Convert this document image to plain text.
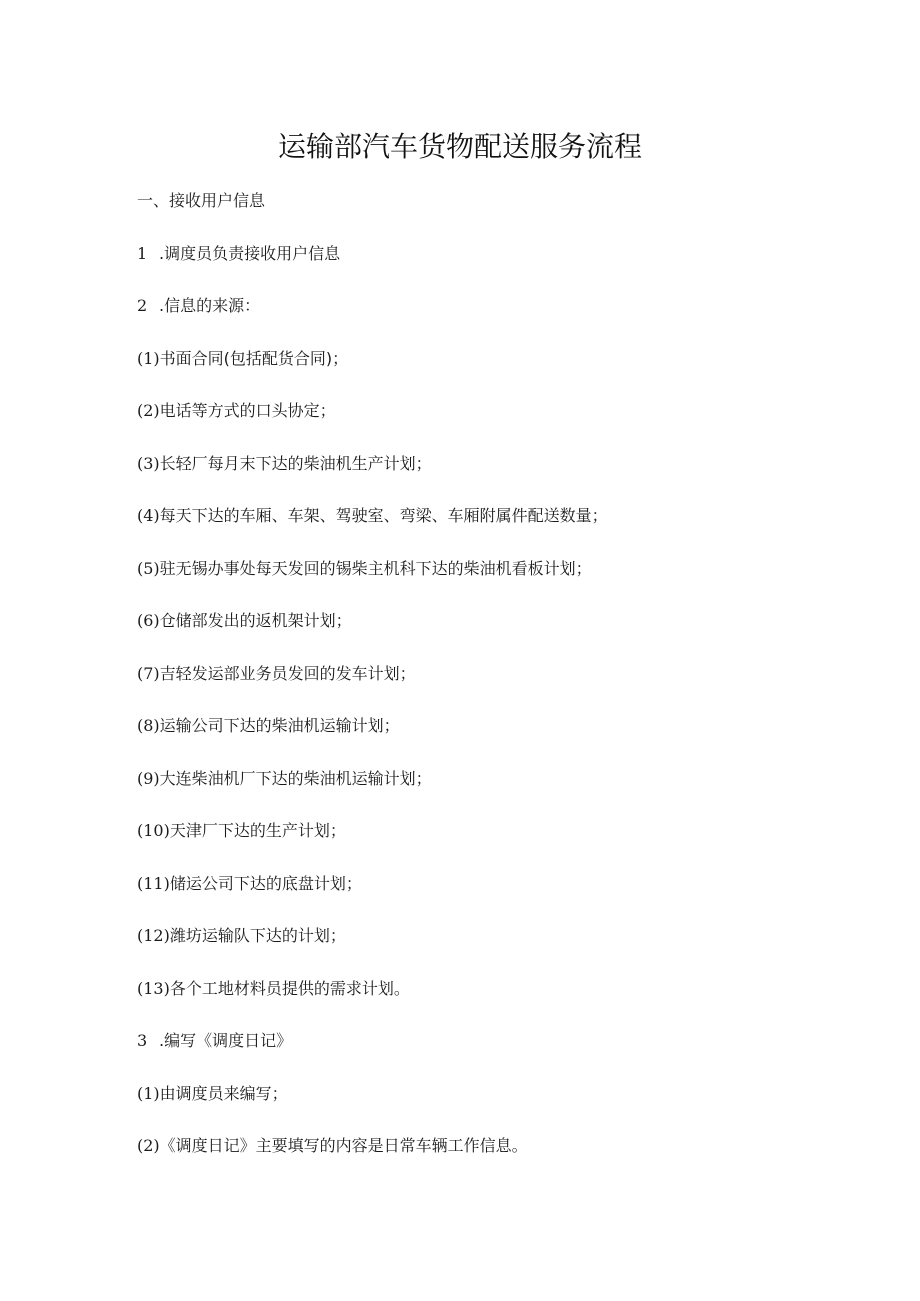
运输部汽车货物配送服务流程
一、接收用户信息
1 .调度员负责接收用户信息
2 .信息的来源：
(1)书面合同(包括配货合同)；
(2)电话等方式的口头协定；
(3)长轻厂每月末下达的柴油机生产计划；
(4)每天下达的车厢、车架、驾驶室、弯梁、车厢附属件配送数量；
(5)驻无锡办事处每天发回的锡柴主机科下达的柴油机看板计划；
(6)仓储部发出的返机架计划；
(7)吉轻发运部业务员发回的发车计划；
(8)运输公司下达的柴油机运输计划；
(9)大连柴油机厂下达的柴油机运输计划；
(10)天津厂下达的生产计划；
(11)储运公司下达的底盘计划；
(12)潍坊运输队下达的计划；
(13)各个工地材料员提供的需求计划。
3 .编写《调度日记》
(1)由调度员来编写；
(2)《调度日记》主要填写的内容是日常车辆工作信息。
